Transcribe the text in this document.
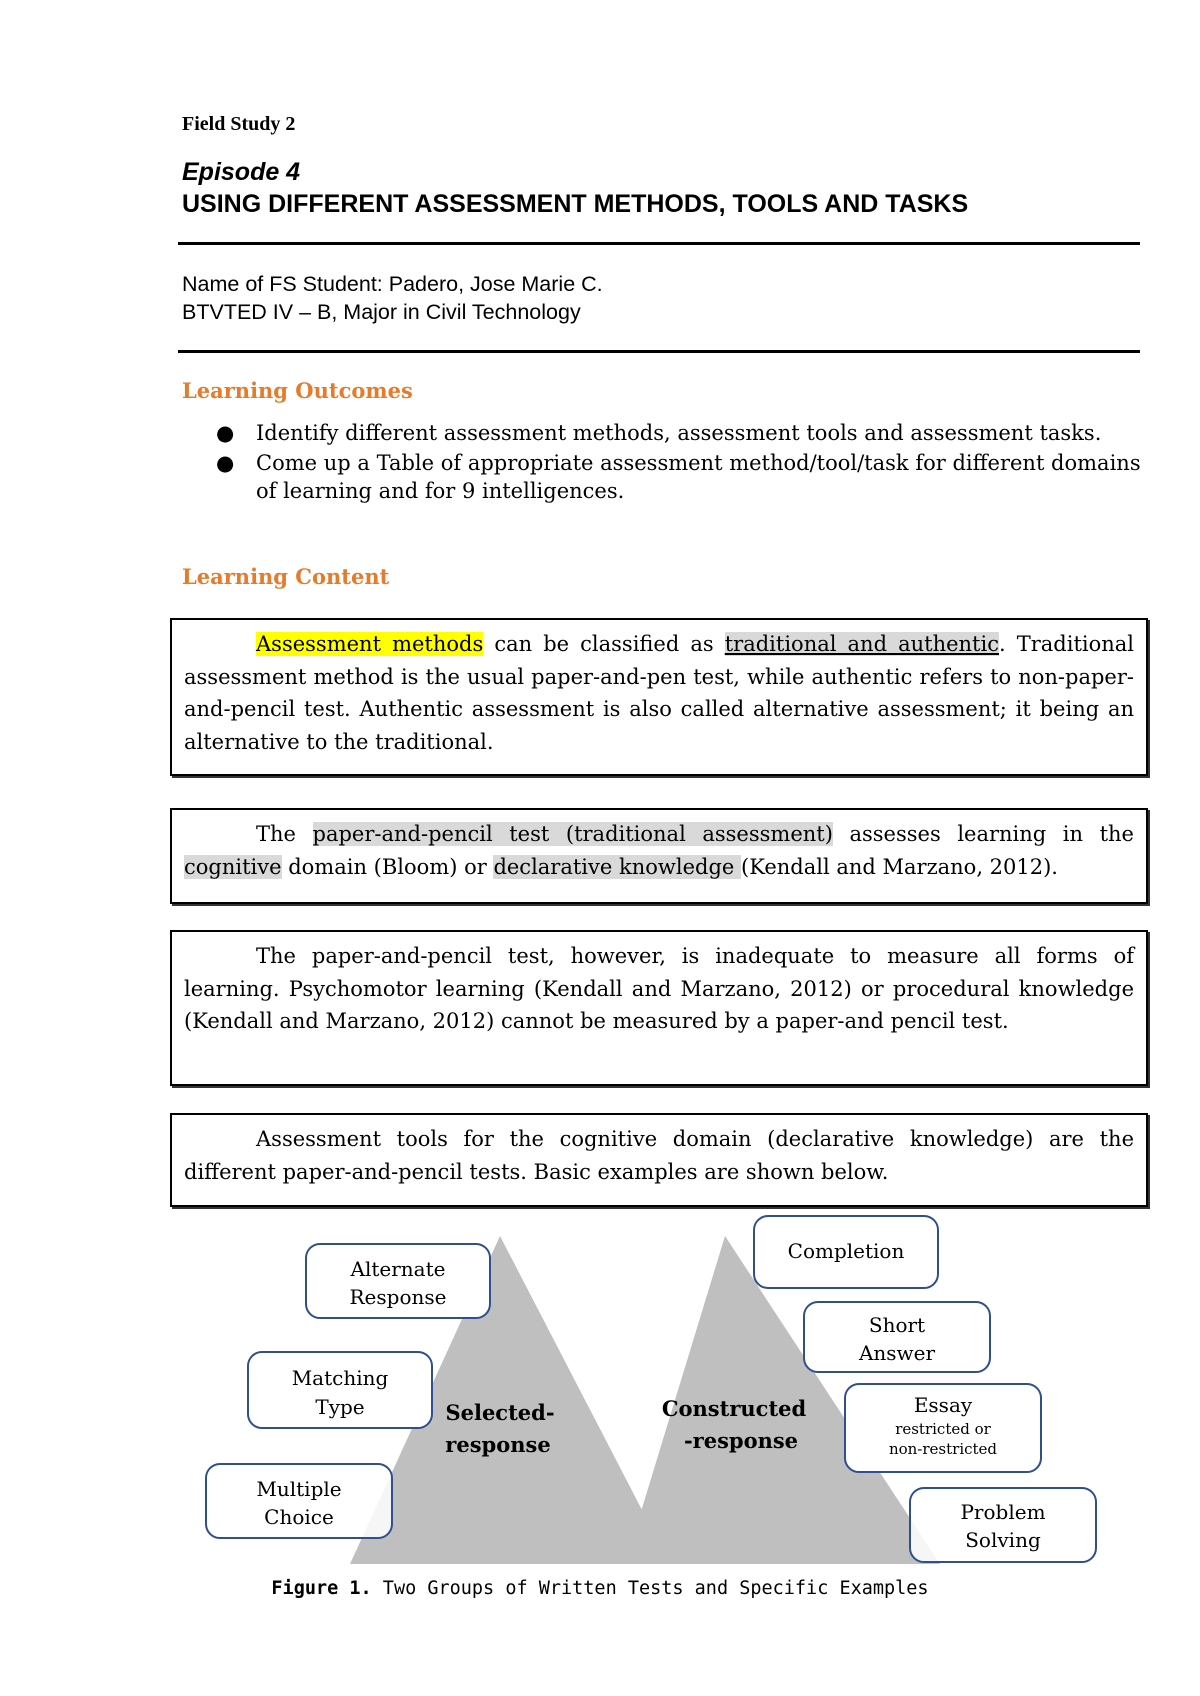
Field Study 2
Episode 4
USING DIFFERENT ASSESSMENT METHODS, TOOLS AND TASKS
Name of FS Student: Padero, Jose Marie C.
BTVTED IV – B, Major in Civil Technology
Learning Outcomes
● Identify different assessment methods, assessment tools and assessment tasks.
● Come up a Table of appropriate assessment method/tool/task for different domains of learning and for 9 intelligences.
Learning Content

Assessment methods can be classified as traditional and authentic. Traditional assessment method is the usual paper-and-pen test, while authentic refers to non-paper-and-pencil test. Authentic assessment is also called alternative assessment; it being an alternative to the traditional.

The paper-and-pencil test (traditional assessment) assesses learning in the cognitive domain (Bloom) or declarative knowledge (Kendall and Marzano, 2012).

The paper-and-pencil test, however, is inadequate to measure all forms of learning. Psychomotor learning (Kendall and Marzano, 2012) or procedural knowledge (Kendall and Marzano, 2012) cannot be measured by a paper-and pencil test.

Assessment tools for the cognitive domain (declarative knowledge) are the different paper-and-pencil tests. Basic examples are shown below.

Selected-
response
Constructed
-response
Alternate
Response
Matching
Type
Multiple
Choice
Completion
Short
Answer
Essay
restricted or
non-restricted
Problem
Solving
Figure 1. Two Groups of Written Tests and Specific Examples
